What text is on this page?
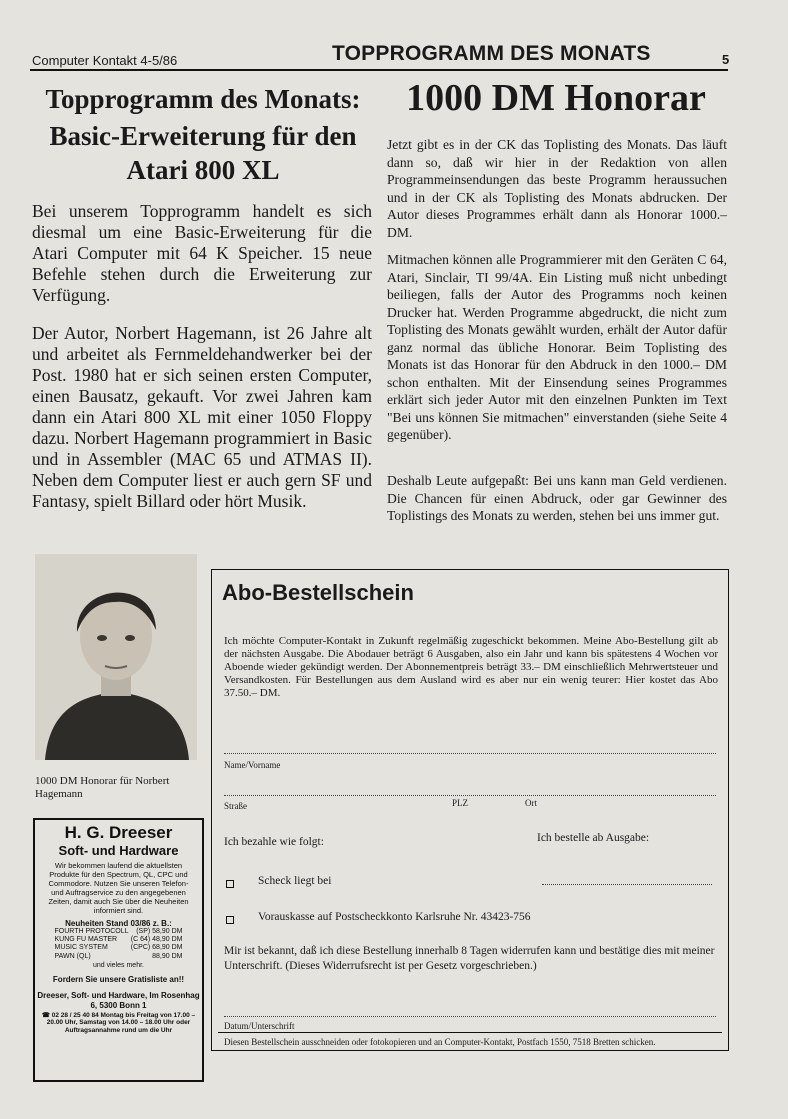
Computer Kontakt 4-5/86	TOPPROGRAMM DES MONATS	5
Topprogramm des Monats:
Basic-Erweiterung für den Atari 800 XL
Bei unserem Topprogramm handelt es sich diesmal um eine Basic-Erweiterung für die Atari Computer mit 64 K Speicher. 15 neue Befehle stehen durch die Erweiterung zur Verfügung.
Der Autor, Norbert Hagemann, ist 26 Jahre alt und arbeitet als Fernmeldehandwerker bei der Post. 1980 hat er sich seinen ersten Computer, einen Bausatz, gekauft. Vor zwei Jahren kam dann ein Atari 800 XL mit einer 1050 Floppy dazu. Norbert Hagemann programmiert in Basic und in Assembler (MAC 65 und ATMAS II). Neben dem Computer liest er auch gern SF und Fantasy, spielt Billard oder hört Musik.
1000 DM Honorar
Jetzt gibt es in der CK das Toplisting des Monats. Das läuft dann so, daß wir hier in der Redaktion von allen Programmeinsendungen das beste Programm heraussuchen und in der CK als Toplisting des Monats abdrucken. Der Autor dieses Programmes erhält dann als Honorar 1000.– DM.
Mitmachen können alle Programmierer mit den Geräten C 64, Atari, Sinclair, TI 99/4A. Ein Listing muß nicht unbedingt beiliegen, falls der Autor des Programms noch keinen Drucker hat. Werden Programme abgedruckt, die nicht zum Toplisting des Monats gewählt wurden, erhält der Autor dafür ganz normal das übliche Honorar. Beim Toplisting des Monats ist das Honorar für den Abdruck in den 1000.– DM schon enthalten. Mit der Einsendung seines Programmes erklärt sich jeder Autor mit den einzelnen Punkten im Text "Bei uns können Sie mitmachen" einverstanden (siehe Seite 4 gegenüber).
Deshalb Leute aufgepaßt: Bei uns kann man Geld verdienen. Die Chancen für einen Abdruck, oder gar Gewinner des Toplistings des Monats zu werden, stehen bei uns immer gut.
1000 DM Honorar für Norbert Hagemann
H. G. Dreeser
Soft- und Hardware
Wir bekommen laufend die aktuellsten Produkte für den Spectrum, QL, CPC und Commodore. Nutzen Sie unseren Telefon- und Auftragservice zu den angegebenen Zeiten, damit auch Sie über die Neuheiten informiert sind.
Neuheiten Stand 03/86 z. B.:
FOURTH PROTOCOLL (SP) 58,90 DM
KUNG FU MASTER (C 64) 48,90 DM
MUSIC SYSTEM	(CPC) 68,90 DM
PAWN (QL)	88,90 DM
und vieles mehr.
Fordern Sie unsere Gratisliste an!!
Dreeser, Soft- und Hardware, Im Rosenhag 6, 5300 Bonn 1
☎ 02 28 / 25 40 84 Montag bis Freitag von 17.00 – 20.00 Uhr, Samstag von 14.00 – 18.00 Uhr oder Auftragsannahme rund um die Uhr
Abo-Bestellschein
Ich möchte Computer-Kontakt in Zukunft regelmäßig zugeschickt bekommen. Meine Abo-Bestellung gilt ab der nächsten Ausgabe. Die Abodauer beträgt 6 Ausgaben, also ein Jahr und kann bis spätestens 4 Wochen vor Aboende wieder gekündigt werden. Der Abonnementpreis beträgt 33.– DM einschließlich Mehrwertsteuer und Versandkosten. Für Bestellungen aus dem Ausland wird es aber nur ein wenig teurer: Hier kostet das Abo 37.50.– DM.
Name/Vorname
Straße	PLZ	Ort
Ich bezahle wie folgt:	Ich bestelle ab Ausgabe:
Scheck liegt bei
Vorauskasse auf Postscheckkonto Karlsruhe Nr. 43423-756
Mir ist bekannt, daß ich diese Bestellung innerhalb 8 Tagen widerrufen kann und bestätige dies mit meiner Unterschrift. (Dieses Widerrufsrecht ist per Gesetz vorgeschrieben.)
Datum/Unterschrift
Diesen Bestellschein ausschneiden oder fotokopieren und an Computer-Kontakt, Postfach 1550, 7518 Bretten schicken.
